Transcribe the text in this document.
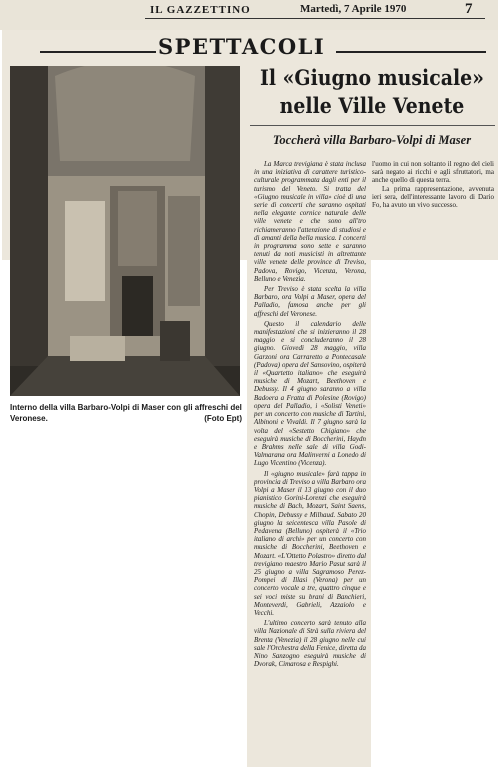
IL GAZZETTINO	Martedì, 7 Aprile 1970	7
SPETTACOLI
Interno della villa Barbaro-Volpi di Maser con gli affreschi del Veronese.	(Foto Ept)
Il «Giugno musicale»
nelle Ville Venete
Toccherà villa Barbaro-Volpi di Maser

La Marca trevigiana è stata inclusa in una iniziativa di carattere turistico-culturale programmata dagli enti per il turismo del Veneto. Si tratta del «Giugno musicale in villa» cioè di una serie di concerti che saranno ospitati nella elegante cornice naturale delle ville venete e che sono all'tro richiameranno l'attenzione di studiosi e di amanti della bella musica. I concerti in programma sono sette e saranno tenuti da noti musicisti in altrettante ville venete delle province di Treviso, Padova, Rovigo, Vicenza, Verona, Belluno e Venezia.

Per Treviso è stata scelta la villa Barbaro, ora Volpi a Maser, opera del Palladio, famosa anche per gli affreschi del Veronese.

Questo il calendario delle manifestazioni che si inizieranno il 28 maggio e si concluderanno il 28 giugno. Giovedì 28 maggio, villa Garzoni ora Carraretto a Pontecasale (Padova) opera del Sansovino, ospiterà il «Quartetto italiano» che eseguirà musiche di Mozart, Beethoven e Debussy. Il 4 giugno saranno a villa Badoera a Fratta di Polesine (Rovigo) opera del Palladio, i «Solisti Veneti» per un concerto con musiche di Tartini, Albinoni e Vivaldi. Il 7 giugno sarà la volta del «Sestetto Chigiano» che eseguirà musiche di Boccherini, Haydn e Brahms nelle sale di villa Godi-Valmarana ora Malinverni a Lonedo di Lugo Vicentino (Vicenza).

Il «giugno musicale» farà tappa in provincia di Treviso a villa Barbaro ora Volpi a Maser il 13 giugno con il duo pianistico Gorini-Lorenzi che eseguirà musiche di Bach, Mozart, Saint Saens, Chopin, Debussy e Milhaud. Sabato 20 giugno la seicentesca villa Pasole di Pedavena (Belluno) ospiterà il «Trio italiano di archi» per un concerto con musiche di Boccherini, Beethoven e Mozart. «L'Ottetto Polastro» diretto dal trevigiano maestro Mario Pasut sarà il 25 giugno a villa Sagramoso Perez-Pompei di Illasi (Verona) per un concerto vocale a tre, quattro cinque e sei voci miste su brani di Banchieri, Monteverdi, Gabrieli, Azzaiolo e Vecchi.

L'ultimo concerto sarà tenuto alla villa Nazionale di Strà sulla riviera del Brenta (Venezia) il 28 giugno nelle cui sale l'Orchestra della Fenice, diretta da Nino Sanzogno eseguirà musiche di Dvorak, Cimarosa e Respighi.

l'uomo in cui non soltanto il regno del cieli sarà negato ai ricchi e agli sfruttatori, ma anche quello di questa terra.

La prima rappresentazione, avvenuta ieri sera, dell'interessante lavoro di Dario Fo, ha avuto un vivo successo.
